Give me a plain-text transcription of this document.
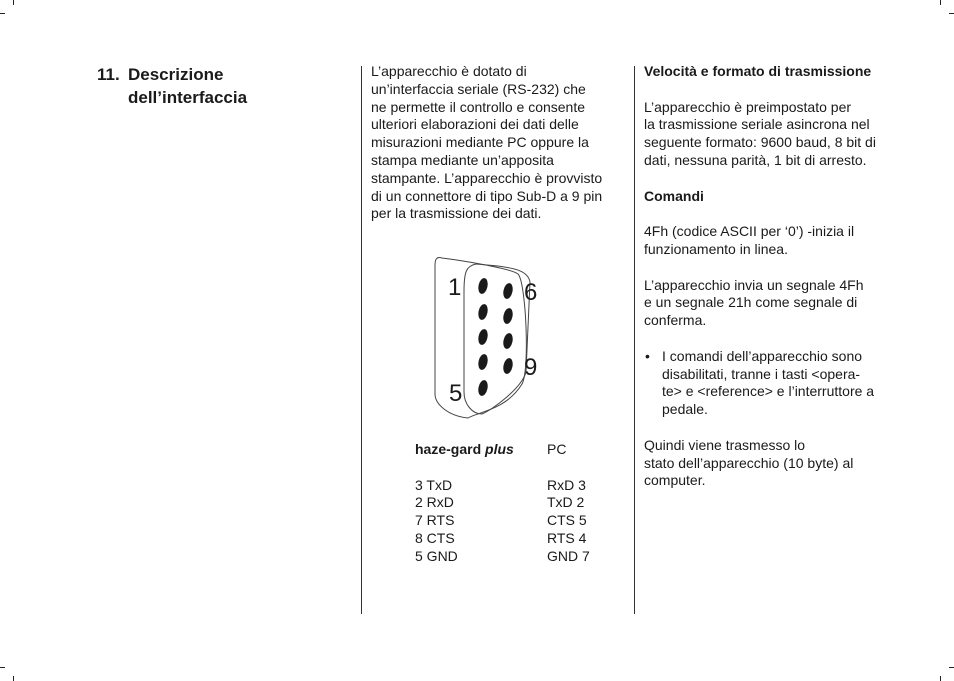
11. Descrizione
dell’interfaccia

L’apparecchio è dotato di

un’interfaccia seriale (RS-232) che

ne permette il controllo e consente

ulteriori elaborazioni dei dati delle

misurazioni mediante PC oppure la

stampa mediante un’apposita

stampante. L’apparecchio è provvisto

di un connettore di tipo Sub-D a 9 pin

per la trasmissione dei dati.

1
5
6
9
haze-gard plus	PC
3 TxD	RxD 3
2 RxD	TxD 2
7 RTS	CTS 5
8 CTS	RTS 4
5 GND	GND 7

Velocità e formato di trasmissione

L’apparecchio è preimpostato per

la trasmissione seriale asincrona nel

seguente formato: 9600 baud, 8 bit di

dati, nessuna parità, 1 bit di arresto.

Comandi

4Fh (codice ASCII per ‘0’) -inizia il

funzionamento in linea.

L’apparecchio invia un segnale 4Fh

e un segnale 21h come segnale di

conferma.

• I comandi dell’apparecchio sono

disabilitati, tranne i tasti <opera-

te> e <reference> e l’interruttore a

pedale.

Quindi viene trasmesso lo

stato dell’apparecchio (10 byte) al

computer.
